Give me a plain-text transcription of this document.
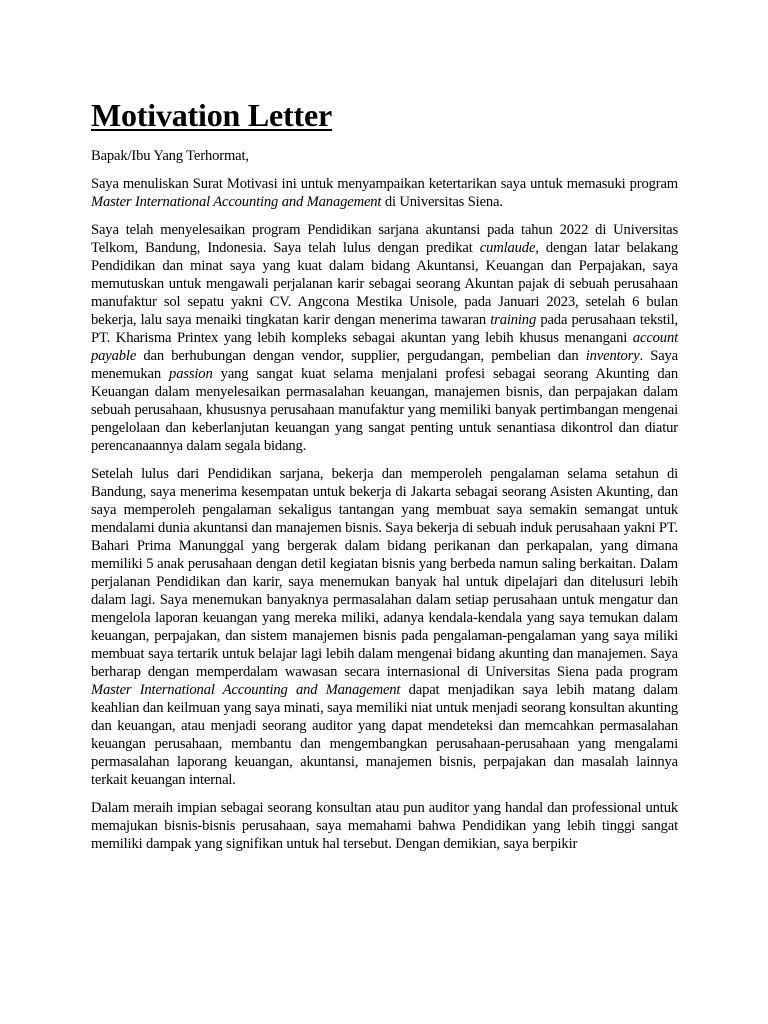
Motivation Letter

Bapak/Ibu Yang Terhormat,

Saya menuliskan Surat Motivasi ini untuk menyampaikan ketertarikan saya untuk memasuki program Master International Accounting and Management di Universitas Siena.

Saya telah menyelesaikan program Pendidikan sarjana akuntansi pada tahun 2022 di Universitas Telkom, Bandung, Indonesia. Saya telah lulus dengan predikat cumlaude, dengan latar belakang Pendidikan dan minat saya yang kuat dalam bidang Akuntansi, Keuangan dan Perpajakan, saya memutuskan untuk mengawali perjalanan karir sebagai seorang Akuntan pajak di sebuah perusahaan manufaktur sol sepatu yakni CV. Angcona Mestika Unisole, pada Januari 2023, setelah 6 bulan bekerja, lalu saya menaiki tingkatan karir dengan menerima tawaran training pada perusahaan tekstil, PT. Kharisma Printex yang lebih kompleks sebagai akuntan yang lebih khusus menangani account payable dan berhubungan dengan vendor, supplier, pergudangan, pembelian dan inventory. Saya menemukan passion yang sangat kuat selama menjalani profesi sebagai seorang Akunting dan Keuangan dalam menyelesaikan permasalahan keuangan, manajemen bisnis, dan perpajakan dalam sebuah perusahaan, khususnya perusahaan manufaktur yang memiliki banyak pertimbangan mengenai pengelolaan dan keberlanjutan keuangan yang sangat penting untuk senantiasa dikontrol dan diatur perencanaannya dalam segala bidang.

Setelah lulus dari Pendidikan sarjana, bekerja dan memperoleh pengalaman selama setahun di Bandung, saya menerima kesempatan untuk bekerja di Jakarta sebagai seorang Asisten Akunting, dan saya memperoleh pengalaman sekaligus tantangan yang membuat saya semakin semangat untuk mendalami dunia akuntansi dan manajemen bisnis. Saya bekerja di sebuah induk perusahaan yakni PT. Bahari Prima Manunggal yang bergerak dalam bidang perikanan dan perkapalan, yang dimana memiliki 5 anak perusahaan dengan detil kegiatan bisnis yang berbeda namun saling berkaitan. Dalam perjalanan Pendidikan dan karir, saya menemukan banyak hal untuk dipelajari dan ditelusuri lebih dalam lagi. Saya menemukan banyaknya permasalahan dalam setiap perusahaan untuk mengatur dan mengelola laporan keuangan yang mereka miliki, adanya kendala-kendala yang saya temukan dalam keuangan, perpajakan, dan sistem manajemen bisnis pada pengalaman-pengalaman yang saya miliki membuat saya tertarik untuk belajar lagi lebih dalam mengenai bidang akunting dan manajemen. Saya berharap dengan memperdalam wawasan secara internasional di Universitas Siena pada program Master International Accounting and Management dapat menjadikan saya lebih matang dalam keahlian dan keilmuan yang saya minati, saya memiliki niat untuk menjadi seorang konsultan akunting dan keuangan, atau menjadi seorang auditor yang dapat mendeteksi dan memcahkan permasalahan keuangan perusahaan, membantu dan mengembangkan perusahaan-perusahaan yang mengalami permasalahan laporang keuangan, akuntansi, manajemen bisnis, perpajakan dan masalah lainnya terkait keuangan internal.

Dalam meraih impian sebagai seorang konsultan atau pun auditor yang handal dan professional untuk memajukan bisnis-bisnis perusahaan, saya memahami bahwa Pendidikan yang lebih tinggi sangat memiliki dampak yang signifikan untuk hal tersebut. Dengan demikian, saya berpikir
